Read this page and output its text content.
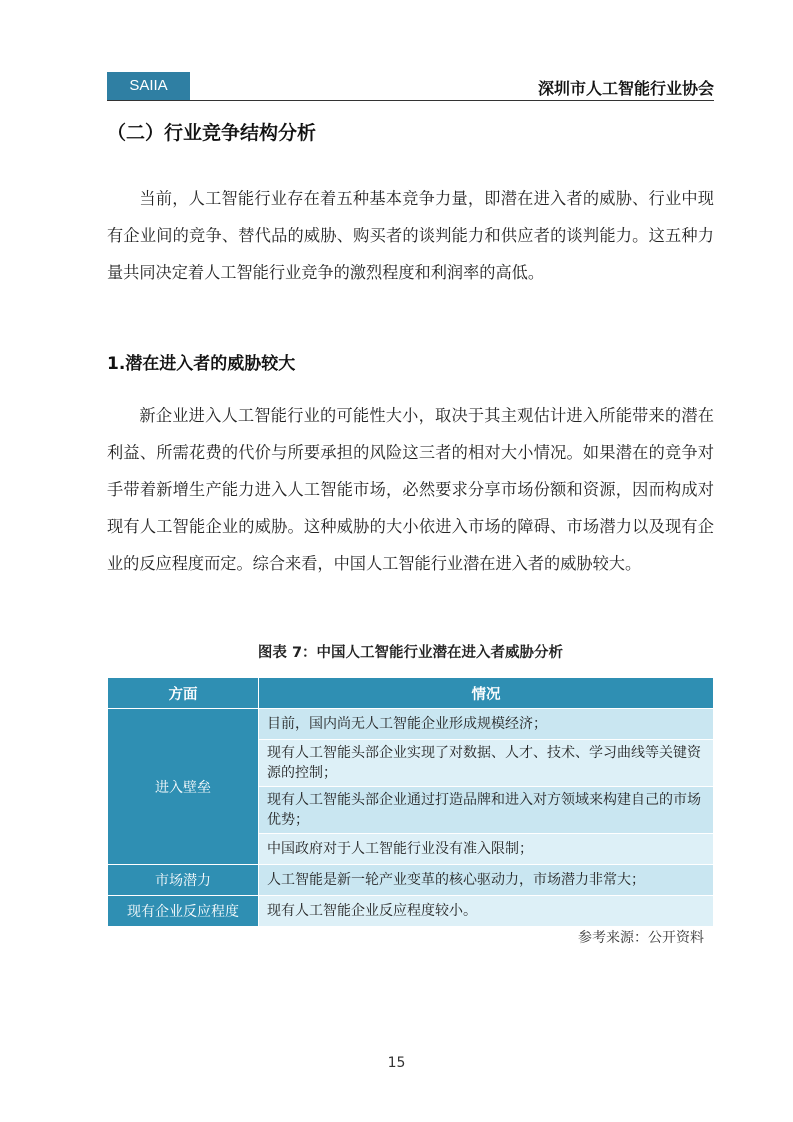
SAIIA	深圳市人工智能行业协会
（二）行业竞争结构分析

当前，人工智能行业存在着五种基本竞争力量，即潜在进入者的威胁、行业中现有企业间的竞争、替代品的威胁、购买者的谈判能力和供应者的谈判能力。这五种力量共同决定着人工智能行业竞争的激烈程度和利润率的高低。

1.潜在进入者的威胁较大

新企业进入人工智能行业的可能性大小，取决于其主观估计进入所能带来的潜在利益、所需花费的代价与所要承担的风险这三者的相对大小情况。如果潜在的竞争对手带着新增生产能力进入人工智能市场，必然要求分享市场份额和资源，因而构成对现有人工智能企业的威胁。这种威胁的大小依进入市场的障碍、市场潜力以及现有企业的反应程度而定。综合来看，中国人工智能行业潜在进入者的威胁较大。

图表 7：中国人工智能行业潜在进入者威胁分析
方面	情况
进入壁垒	目前，国内尚无人工智能企业形成规模经济；
	现有人工智能头部企业实现了对数据、人才、技术、学习曲线等关键资源的控制；
	现有人工智能头部企业通过打造品牌和进入对方领域来构建自己的市场优势；
	中国政府对于人工智能行业没有准入限制；
市场潜力	人工智能是新一轮产业变革的核心驱动力，市场潜力非常大；
现有企业反应程度	现有人工智能企业反应程度较小。
参考来源：公开资料
15
